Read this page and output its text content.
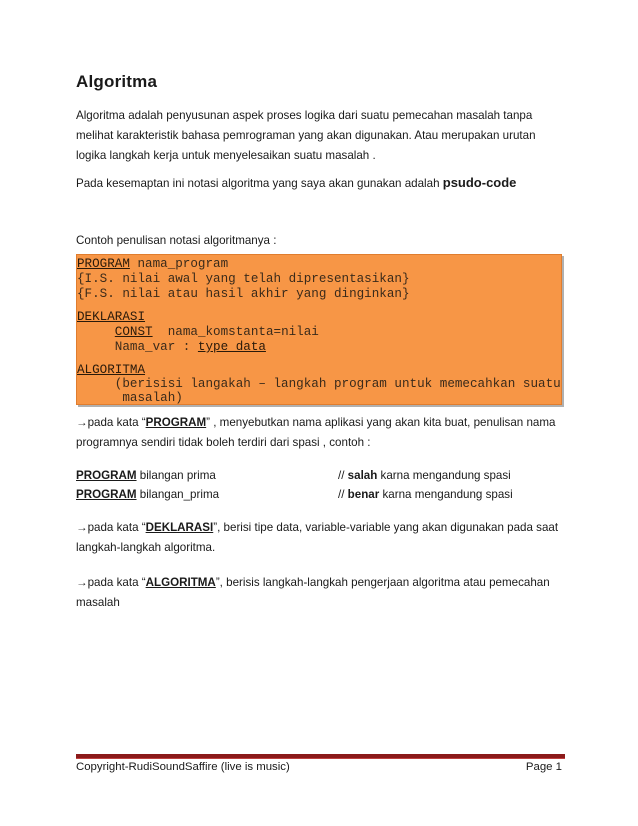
Algoritma
Algoritma adalah penyusunan aspek proses logika dari suatu pemecahan masalah tanpa melihat karakteristik bahasa pemrograman yang akan digunakan. Atau merupakan urutan logika langkah kerja untuk menyelesaikan suatu masalah .
Pada kesemaptan ini notasi algoritma yang saya akan gunakan adalah psudo-code
Contoh penulisan notasi algoritmanya :
PROGRAM nama_program
{I.S. nilai awal yang telah dipresentasikan}
{F.S. nilai atau hasil akhir yang dinginkan}
DEKLARASI
CONST  nama_komstanta=nilai
Nama_var : type_data
ALGORITMA
(berisisi langakah – langkah program untuk memecahkan suatu
masalah)
→pada kata “PROGRAM” , menyebutkan nama aplikasi yang akan kita buat, penulisan nama programnya sendiri tidak boleh terdiri dari spasi , contoh :
PROGRAM bilangan prima	// salah karna mengandung spasi
PROGRAM bilangan_prima	// benar karna mengandung spasi
→pada kata “DEKLARASI”, berisi tipe data, variable-variable yang akan digunakan pada saat langkah-langkah algoritma.
→pada kata “ALGORITMA”, berisis langkah-langkah pengerjaan algoritma atau pemecahan masalah
Copyright-RudiSoundSaffire (live is music)	Page 1
